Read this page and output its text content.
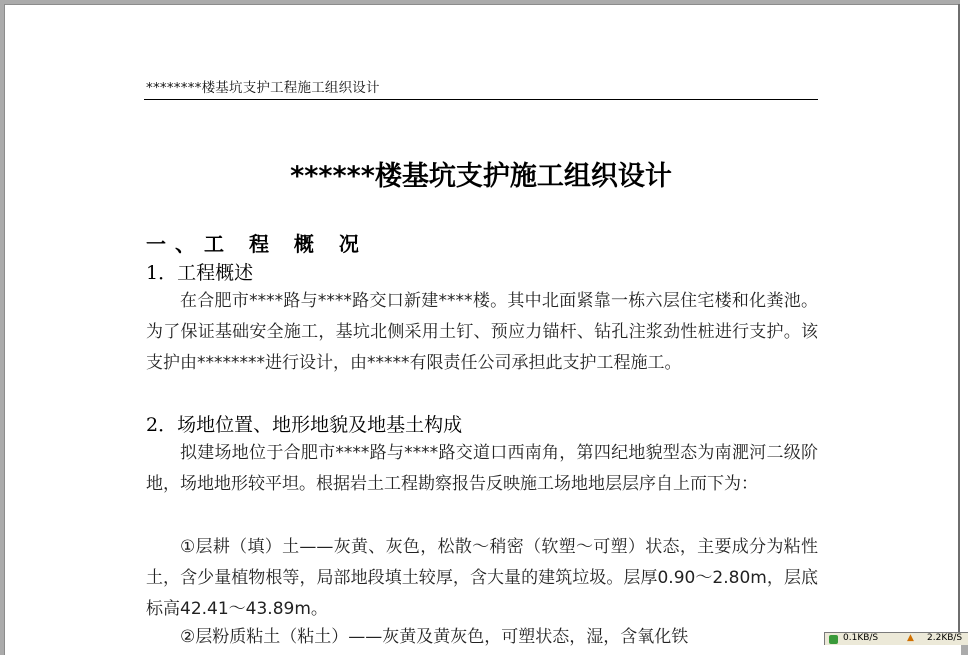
********楼基坑支护工程施工组织设计
******楼基坑支护施工组织设计
一、工 程 概 况
1．工程概述

在合肥市****路与****路交口新建****楼。其中北面紧靠一栋六层住宅楼和化粪池。为了保证基础安全施工，基坑北侧采用土钉、预应力锚杆、钻孔注浆劲性桩进行支护。该支护由********进行设计，由*****有限责任公司承担此支护工程施工。

2．场地位置、地形地貌及地基土构成

拟建场地位于合肥市****路与****路交道口西南角，第四纪地貌型态为南淝河二级阶地，场地地形较平坦。根据岩土工程勘察报告反映施工场地地层层序自上而下为：

①层耕（填）土——灰黄、灰色，松散～稍密（软塑～可塑）状态，主要成分为粘性土，含少量植物根等，局部地段填土较厚，含大量的建筑垃圾。层厚0.90～2.80m，层底标高42.41～43.89m。

②层粉质粘土（粘土）——灰黄及黄灰色，可塑状态，湿，含氧化铁	0.1KB/S	▲ 2.2KB/S
